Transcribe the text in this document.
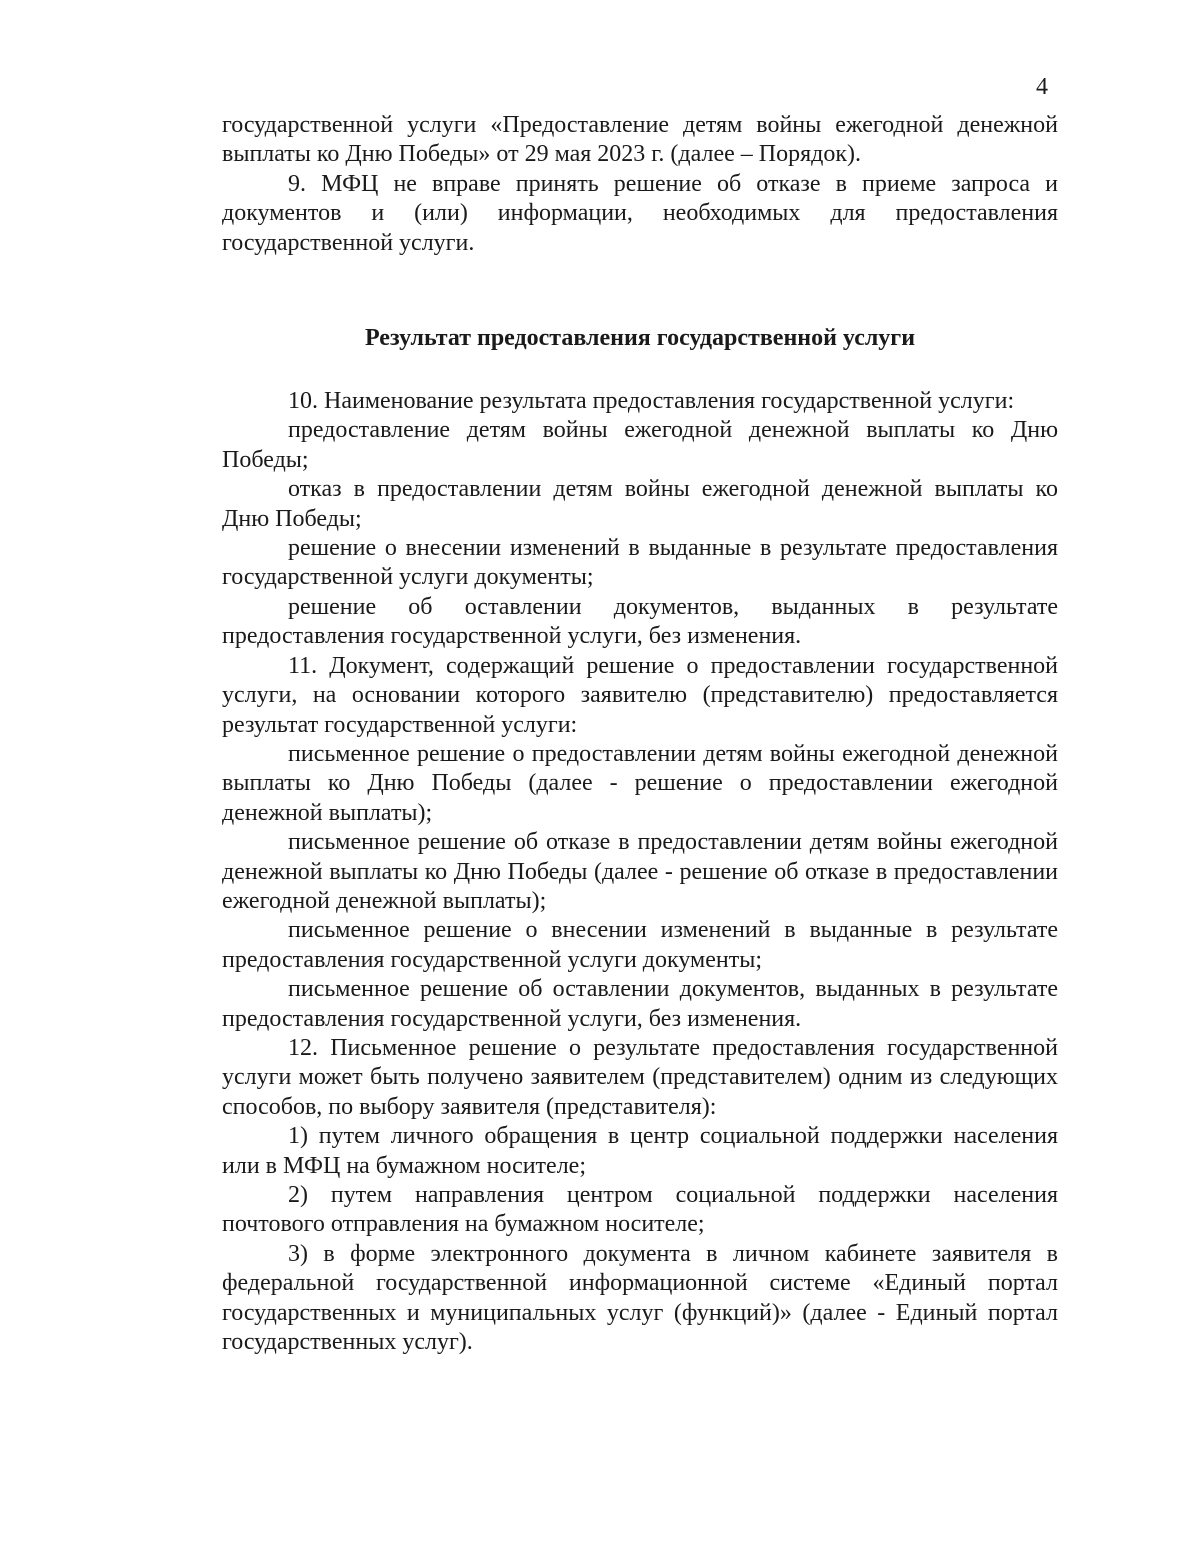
4

государственной услуги «Предоставление детям войны ежегодной денежной выплаты ко Дню Победы» от 29 мая 2023 г. (далее – Порядок).

9. МФЦ не вправе принять решение об отказе в приеме запроса и документов и (или) информации, необходимых для предоставления государственной услуги.

Результат предоставления государственной услуги

10. Наименование результата предоставления государственной услуги:

предоставление детям войны ежегодной денежной выплаты ко Дню Победы;

отказ в предоставлении детям войны ежегодной денежной выплаты ко Дню Победы;

решение о внесении изменений в выданные в результате предоставления государственной услуги документы;

решение об оставлении документов, выданных в результате предоставления государственной услуги, без изменения.

11. Документ, содержащий решение о предоставлении государственной услуги, на основании которого заявителю (представителю) предоставляется результат государственной услуги:

письменное решение о предоставлении детям войны ежегодной денежной выплаты ко Дню Победы (далее - решение о предоставлении ежегодной денежной выплаты);

письменное решение об отказе в предоставлении детям войны ежегодной денежной выплаты ко Дню Победы (далее - решение об отказе в предоставлении ежегодной денежной выплаты);

письменное решение о внесении изменений в выданные в результате предоставления государственной услуги документы;

письменное решение об оставлении документов, выданных в результате предоставления государственной услуги, без изменения.

12. Письменное решение о результате предоставления государственной услуги может быть получено заявителем (представителем) одним из следующих способов, по выбору заявителя (представителя):

1) путем личного обращения в центр социальной поддержки населения или в МФЦ на бумажном носителе;

2) путем направления центром социальной поддержки населения почтового отправления на бумажном носителе;

3) в форме электронного документа в личном кабинете заявителя в федеральной государственной информационной системе «Единый портал государственных и муниципальных услуг (функций)» (далее - Единый портал государственных услуг).
